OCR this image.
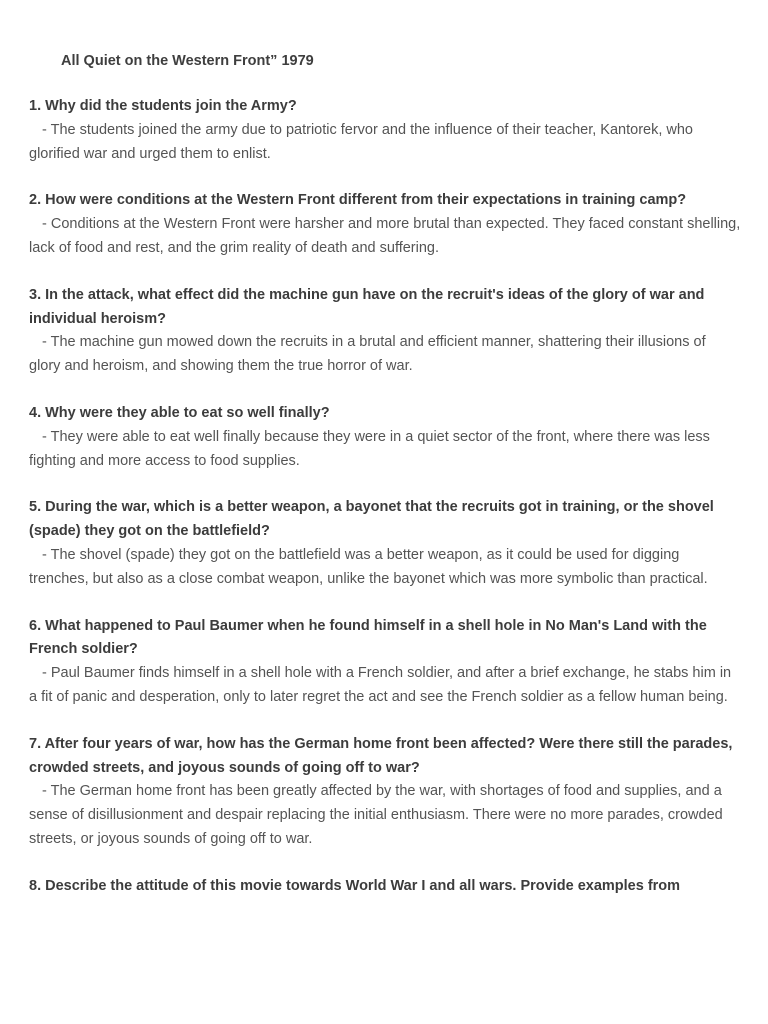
All Quiet on the Western Front” 1979

1. Why did the students join the Army?

- The students joined the army due to patriotic fervor and the influence of their teacher, Kantorek, who glorified war and urged them to enlist.

2. How were conditions at the Western Front different from their expectations in training camp?

- Conditions at the Western Front were harsher and more brutal than expected. They faced constant shelling, lack of food and rest, and the grim reality of death and suffering.

3. In the attack, what effect did the machine gun have on the recruit's ideas of the glory of war and individual heroism?

- The machine gun mowed down the recruits in a brutal and efficient manner, shattering their illusions of glory and heroism, and showing them the true horror of war.

4. Why were they able to eat so well finally?

- They were able to eat well finally because they were in a quiet sector of the front, where there was less fighting and more access to food supplies.

5. During the war, which is a better weapon, a bayonet that the recruits got in training, or the shovel (spade) they got on the battlefield?

- The shovel (spade) they got on the battlefield was a better weapon, as it could be used for digging trenches, but also as a close combat weapon, unlike the bayonet which was more symbolic than practical.

6. What happened to Paul Baumer when he found himself in a shell hole in No Man's Land with the French soldier?

- Paul Baumer finds himself in a shell hole with a French soldier, and after a brief exchange, he stabs him in a fit of panic and desperation, only to later regret the act and see the French soldier as a fellow human being.

7. After four years of war, how has the German home front been affected? Were there still the parades, crowded streets, and joyous sounds of going off to war?

- The German home front has been greatly affected by the war, with shortages of food and supplies, and a sense of disillusionment and despair replacing the initial enthusiasm. There were no more parades, crowded streets, or joyous sounds of going off to war.

8. Describe the attitude of this movie towards World War I and all wars. Provide examples from
